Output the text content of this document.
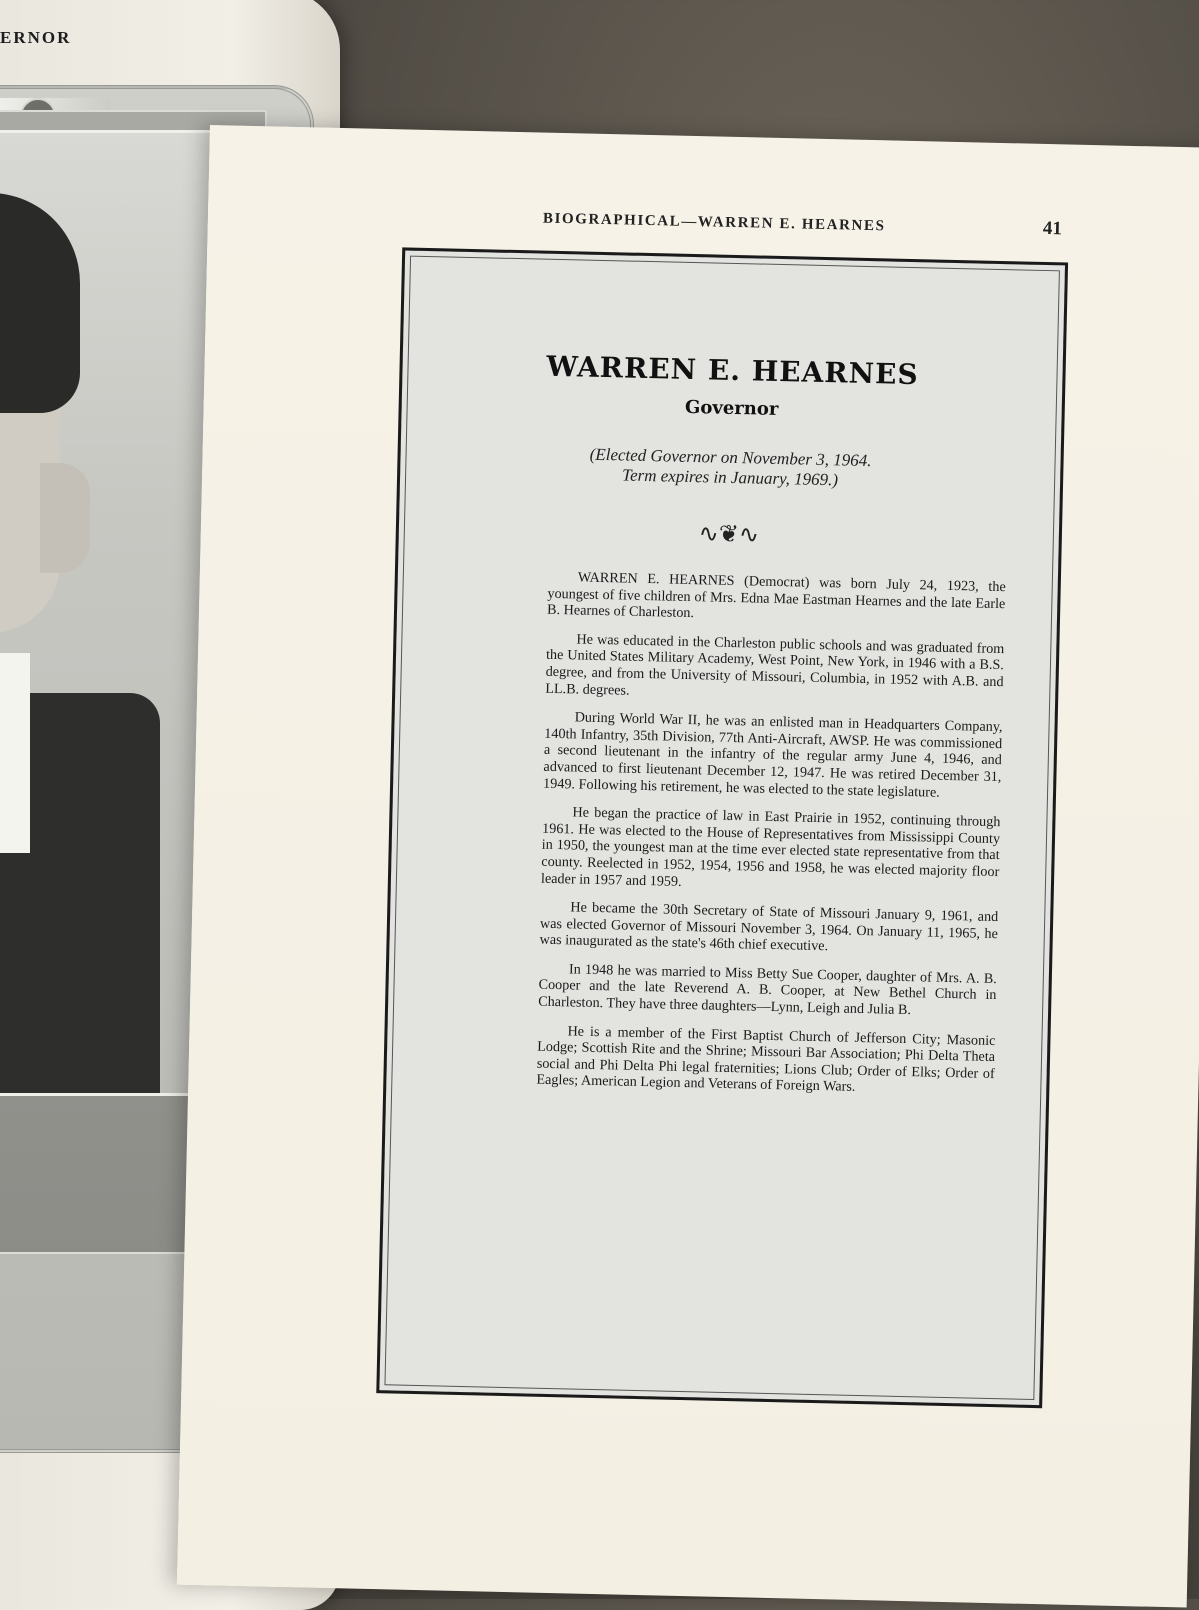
ERNOR
BIOGRAPHICAL—WARREN E. HEARNES	41
WARREN E. HEARNES
Governor
(Elected Governor on November 3, 1964.
Term expires in January, 1969.)
∿❦∿

WARREN E. HEARNES (Democrat) was born July 24, 1923, the youngest of five children of Mrs. Edna Mae Eastman Hearnes and the late Earle B. Hearnes of Charleston.

He was educated in the Charleston public schools and was graduated from the United States Military Academy, West Point, New York, in 1946 with a B.S. degree, and from the University of Missouri, Columbia, in 1952 with A.B. and LL.B. degrees.

During World War II, he was an enlisted man in Headquarters Company, 140th Infantry, 35th Division, 77th Anti-Aircraft, AWSP. He was commissioned a second lieutenant in the infantry of the regular army June 4, 1946, and advanced to first lieutenant December 12, 1947. He was retired December 31, 1949. Following his retirement, he was elected to the state legislature.

He began the practice of law in East Prairie in 1952, continuing through 1961. He was elected to the House of Representatives from Mississippi County in 1950, the youngest man at the time ever elected state representative from that county. Reelected in 1952, 1954, 1956 and 1958, he was elected majority floor leader in 1957 and 1959.

He became the 30th Secretary of State of Missouri January 9, 1961, and was elected Governor of Missouri November 3, 1964. On January 11, 1965, he was inaugurated as the state's 46th chief executive.

In 1948 he was married to Miss Betty Sue Cooper, daughter of Mrs. A. B. Cooper and the late Reverend A. B. Cooper, at New Bethel Church in Charleston. They have three daughters—Lynn, Leigh and Julia B.

He is a member of the First Baptist Church of Jefferson City; Masonic Lodge; Scottish Rite and the Shrine; Missouri Bar Association; Phi Delta Theta social and Phi Delta Phi legal fraternities; Lions Club; Order of Elks; Order of Eagles; American Legion and Veterans of Foreign Wars.
